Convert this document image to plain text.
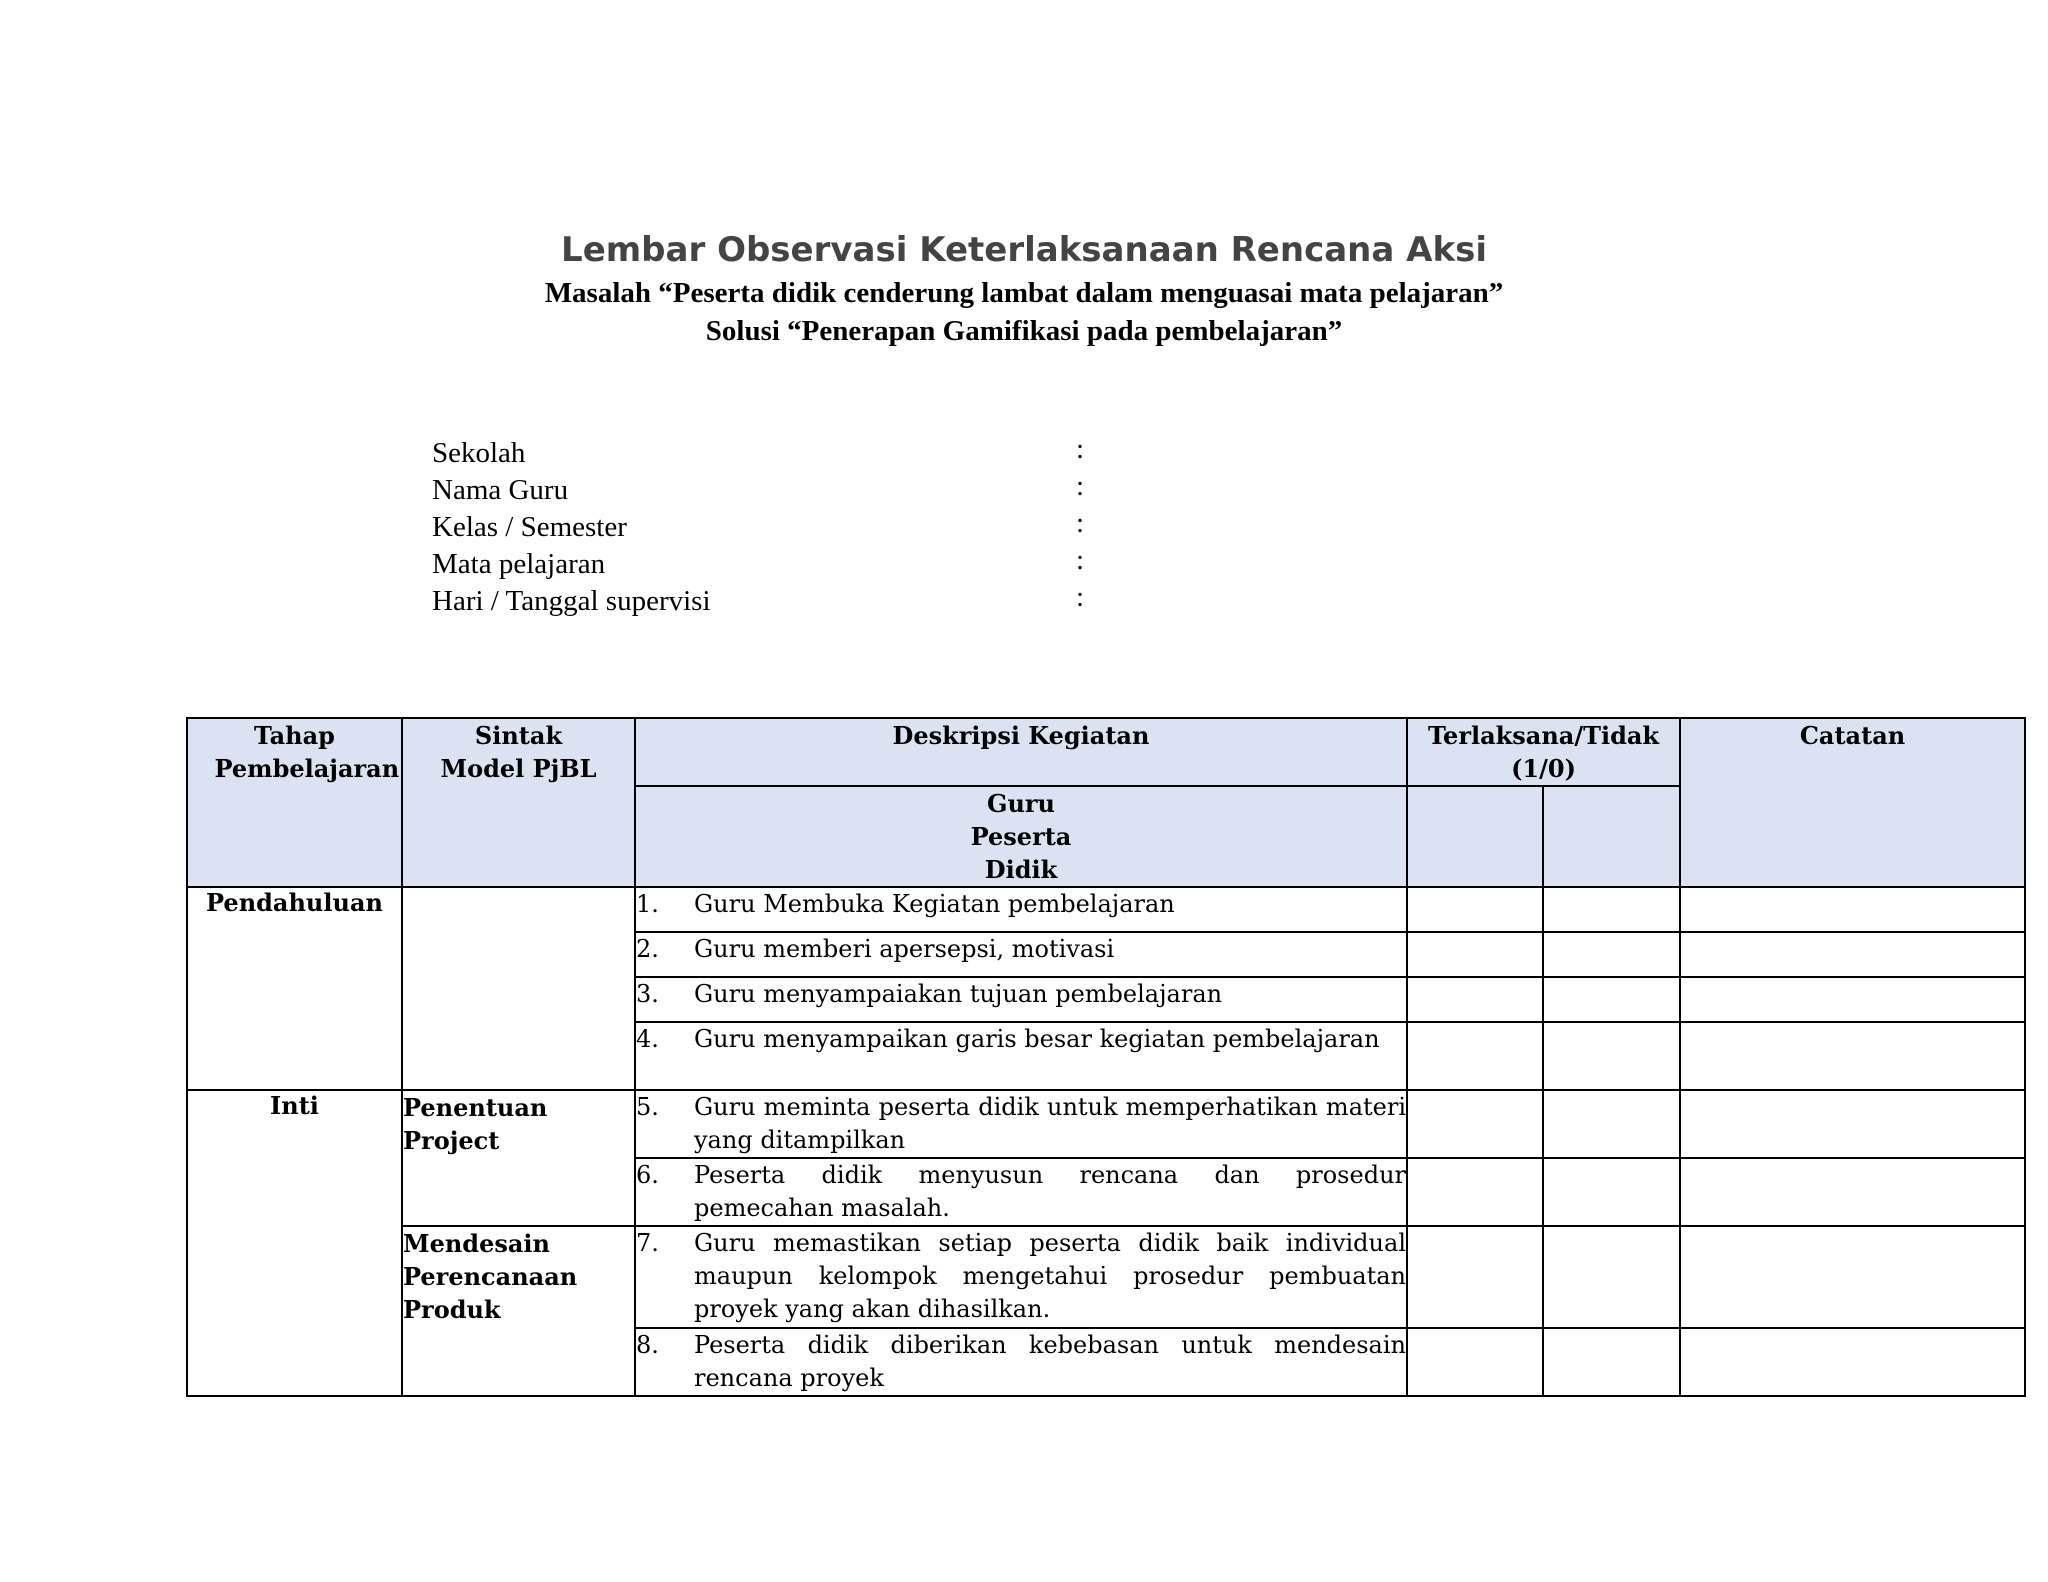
Lembar Observasi Keterlaksanaan Rencana Aksi
Masalah “Peserta didik cenderung lambat dalam menguasai mata pelajaran”
Solusi “Penerapan Gamifikasi pada pembelajaran”
Sekolah	:
Nama Guru	:
Kelas / Semester	:
Mata pelajaran	:
Hari / Tanggal supervisi	:
Tahap Pembelajaran	Sintak Model PjBL	Deskripsi Kegiatan	Terlaksana/Tidak (1/0)		Catatan

		Guru Peserta Didik			

Pendahuluan		1. Guru Membuka Kegiatan pembelajaran			

		2. Guru memberi apersepsi, motivasi			

		3. Guru menyampaiakan tujuan pembelajaran			

		4. Guru menyampaikan garis besar kegiatan pembelajaran			

Inti	Penentuan Project	5. Guru meminta peserta didik untuk memperhatikan materi yang ditampilkan			

		6. Peserta didik menyusun rencana dan prosedur pemecahan masalah.			

	Mendesain Perencanaan Produk	7. Guru memastikan setiap peserta didik baik individual maupun kelompok mengetahui prosedur pembuatan proyek yang akan dihasilkan.			

		8. Peserta didik diberikan kebebasan untuk mendesain rencana proyek			
